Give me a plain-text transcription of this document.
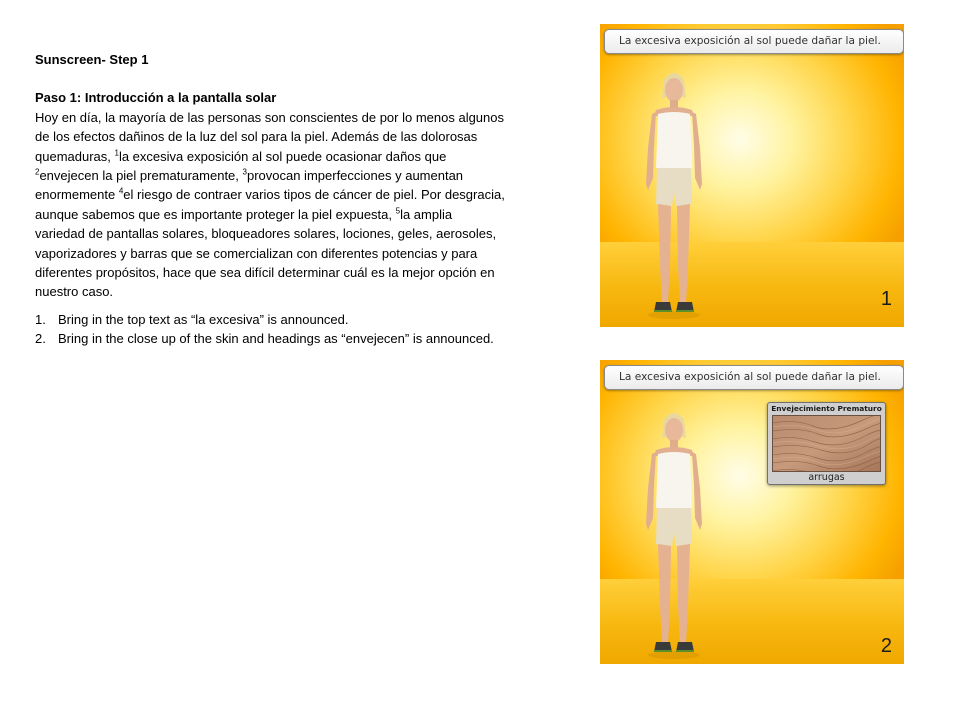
Sunscreen- Step 1
Paso 1: Introducción a la pantalla solar
Hoy en día, la mayoría de las personas son conscientes de por lo menos algunos de los efectos dañinos de la luz del sol para la piel. Además de las dolorosas quemaduras, $^1$la excesiva exposición al sol puede ocasionar daños que $^2$envejecen la piel prematuramente, $^3$provocan imperfecciones y aumentan enormemente $^4$el riesgo de contraer varios tipos de cáncer de piel. Por desgracia, aunque sabemos que es importante proteger la piel expuesta, $^5$la amplia variedad de pantallas solares, bloqueadores solares, lociones, geles, aerosoles, vaporizadores y barras que se comercializan con diferentes potencias y para diferentes propósitos, hace que sea difícil determinar cuál es la mejor opción en nuestro caso.
1. Bring in the top text as “la excesiva” is announced.
2. Bring in the close up of the skin and headings as “envejecen” is announced.
La excesiva exposición al sol puede dañar la piel.
1
La excesiva exposición al sol puede dañar la piel.
Envejecimiento Prematuro
arrugas
2
